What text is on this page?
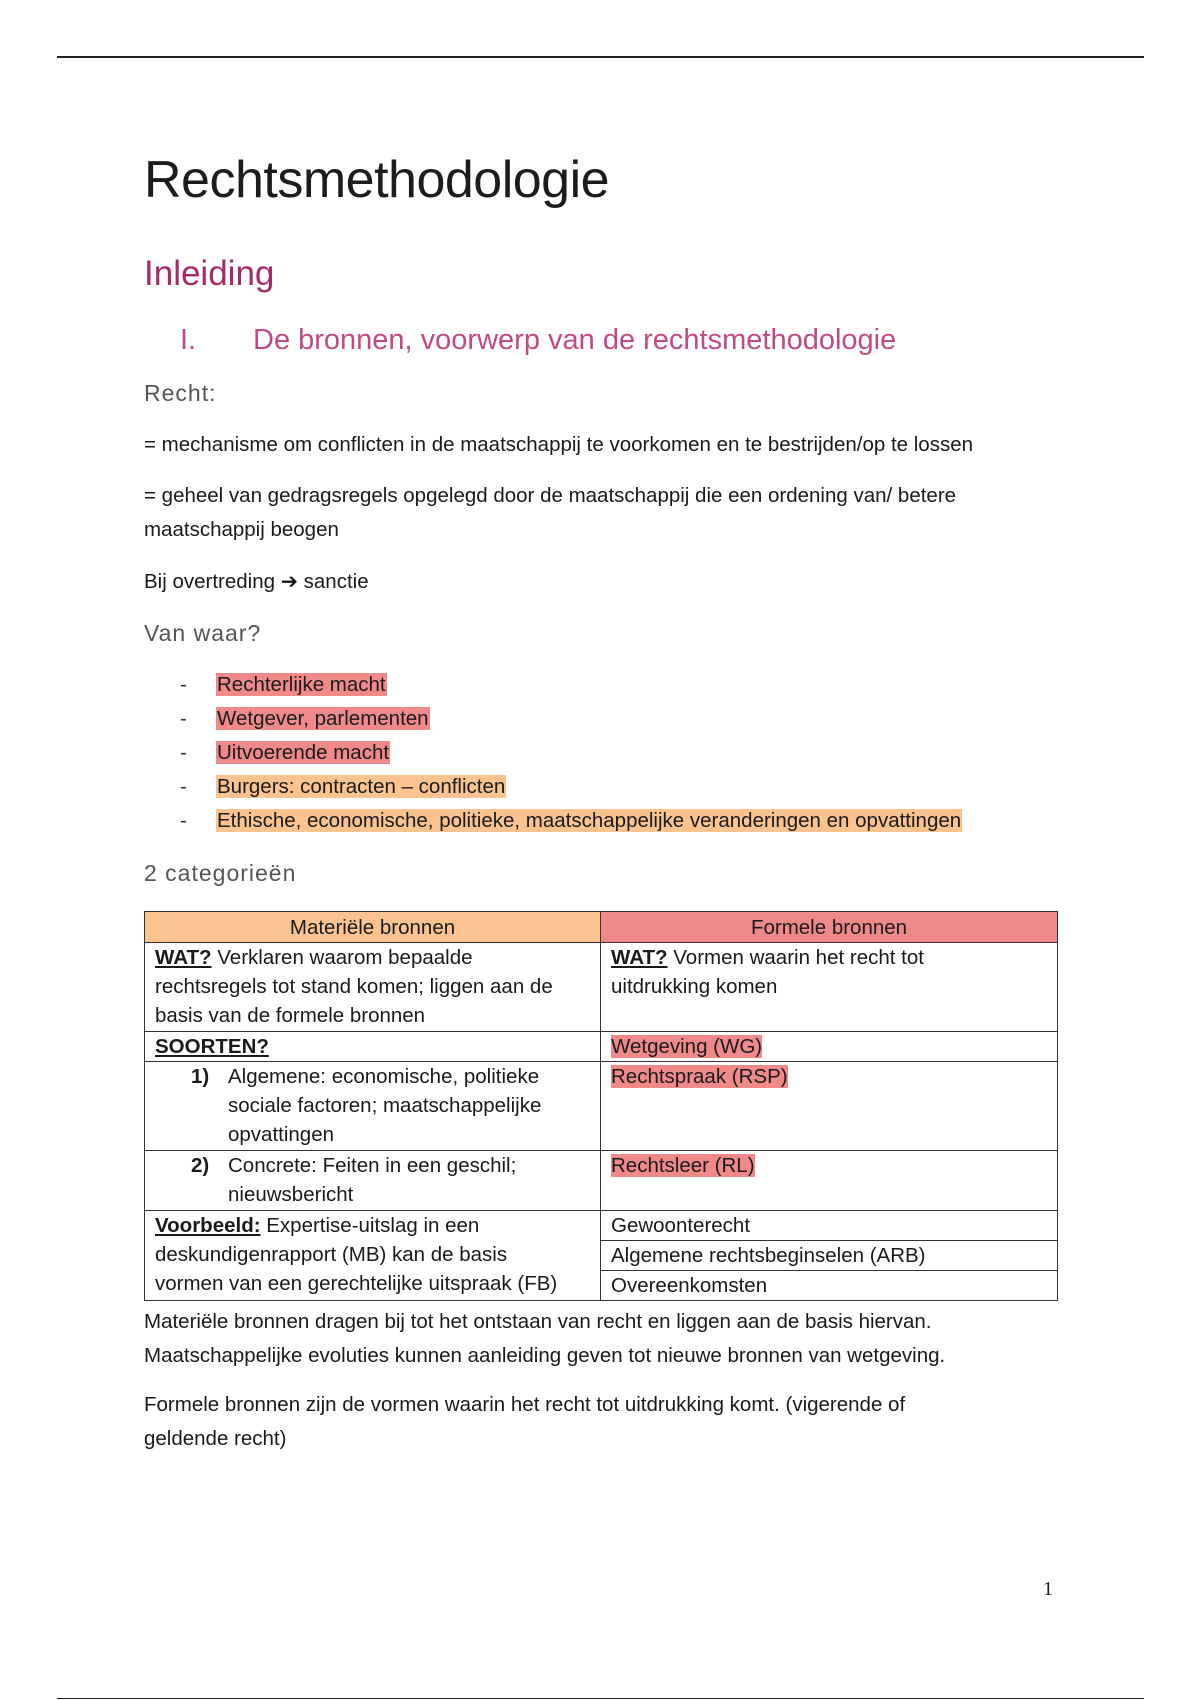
Rechtsmethodologie
Inleiding
I. De bronnen, voorwerp van de rechtsmethodologie
Recht:
= mechanisme om conflicten in de maatschappij te voorkomen en te bestrijden/op te lossen
= geheel van gedragsregels opgelegd door de maatschappij die een ordening van/ betere
maatschappij beogen
Bij overtreding ➔ sanctie
Van waar?
- Rechterlijke macht
- Wetgever, parlementen
- Uitvoerende macht
- Burgers: contracten – conflicten
- Ethische, economische, politieke, maatschappelijke veranderingen en opvattingen
2 categorieën
Materiële bronnen	Formele bronnen
WAT? Verklaren waarom bepaalde
rechtsregels tot stand komen; liggen aan de
basis van de formele bronnen	WAT? Vormen waarin het recht tot
uitdrukking komen
SOORTEN?	Wetgeving (WG)

1) Algemene: economische, politieke
sociale factoren; maatschappelijke
opvattingen	Rechtspraak (RSP)

2) Concrete: Feiten in een geschil;
nieuwsbericht	Rechtsleer (RL)
Voorbeeld: Expertise-uitslag in een
deskundigenrapport (MB) kan de basis
vormen van een gerechtelijke uitspraak (FB)	Gewoonterecht
	Algemene rechtsbeginselen (ARB)
	Overeenkomsten
Materiële bronnen dragen bij tot het ontstaan van recht en liggen aan de basis hiervan.
Maatschappelijke evoluties kunnen aanleiding geven tot nieuwe bronnen van wetgeving.
Formele bronnen zijn de vormen waarin het recht tot uitdrukking komt. (vigerende of
geldende recht)
1
